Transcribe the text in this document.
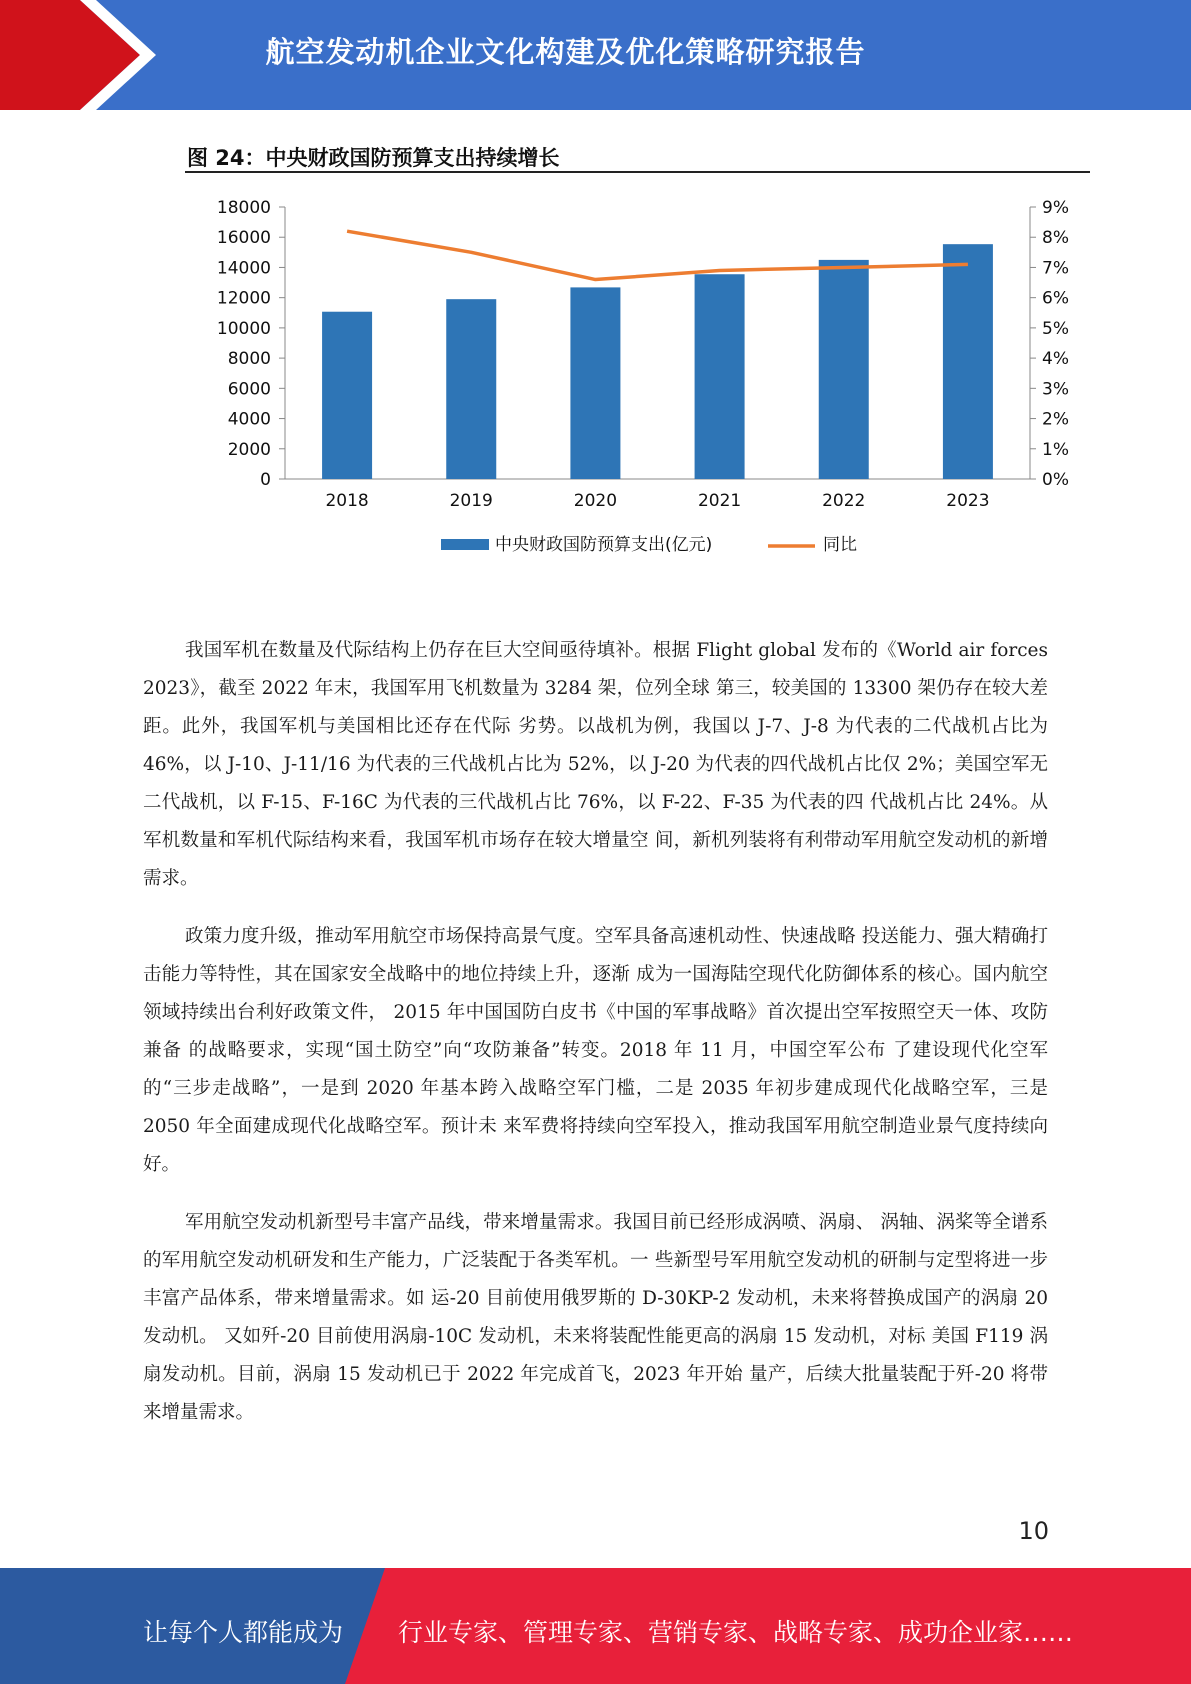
航空发动机企业文化构建及优化策略研究报告
图 24：中央财政国防预算支出持续增长
0
2000
4000
6000
8000
10000
12000
14000
16000
18000
0%
1%
2%
3%
4%
5%
6%
7%
8%
9%
2018	2019	2020	2021	2022	2023
中央财政国防预算支出(亿元)	同比

我国军机在数量及代际结构上仍存在巨大空间亟待填补。根据 Flight global 发布的《World air forces 2023》，截至 2022 年末，我国军用飞机数量为 3284 架，位列全球 第三，较美国的 13300 架仍存在较大差距。此外，我国军机与美国相比还存在代际 劣势。以战机为例，我国以 J-7、J-8 为代表的二代战机占比为 46%，以 J-10、J-11/16 为代表的三代战机占比为 52%，以 J-20 为代表的四代战机占比仅 2%；美国空军无 二代战机，以 F-15、F-16C 为代表的三代战机占比 76%，以 F-22、F-35 为代表的四 代战机占比 24%。从军机数量和军机代际结构来看，我国军机市场存在较大增量空 间，新机列装将有利带动军用航空发动机的新增需求。

政策力度升级，推动军用航空市场保持高景气度。空军具备高速机动性、快速战略 投送能力、强大精确打击能力等特性，其在国家安全战略中的地位持续上升，逐渐 成为一国海陆空现代化防御体系的核心。国内航空领域持续出台利好政策文件， 2015 年中国国防白皮书《中国的军事战略》首次提出空军按照空天一体、攻防兼备 的战略要求，实现“国土防空”向“攻防兼备”转变。2018 年 11 月，中国空军公布 了建设现代化空军的“三步走战略”，一是到 2020 年基本跨入战略空军门槛，二是 2035 年初步建成现代化战略空军，三是 2050 年全面建成现代化战略空军。预计未 来军费将持续向空军投入，推动我国军用航空制造业景气度持续向好。

军用航空发动机新型号丰富产品线，带来增量需求。我国目前已经形成涡喷、涡扇、 涡轴、涡桨等全谱系的军用航空发动机研发和生产能力，广泛装配于各类军机。一 些新型号军用航空发动机的研制与定型将进一步丰富产品体系，带来增量需求。如 运-20 目前使用俄罗斯的 D-30KP-2 发动机，未来将替换成国产的涡扇 20 发动机。 又如歼-20 目前使用涡扇-10C 发动机，未来将装配性能更高的涡扇 15 发动机，对标 美国 F119 涡扇发动机。目前，涡扇 15 发动机已于 2022 年完成首飞，2023 年开始 量产，后续大批量装配于歼-20 将带来增量需求。

10
让每个人都能成为 行业专家、管理专家、营销专家、战略专家、成功企业家……
